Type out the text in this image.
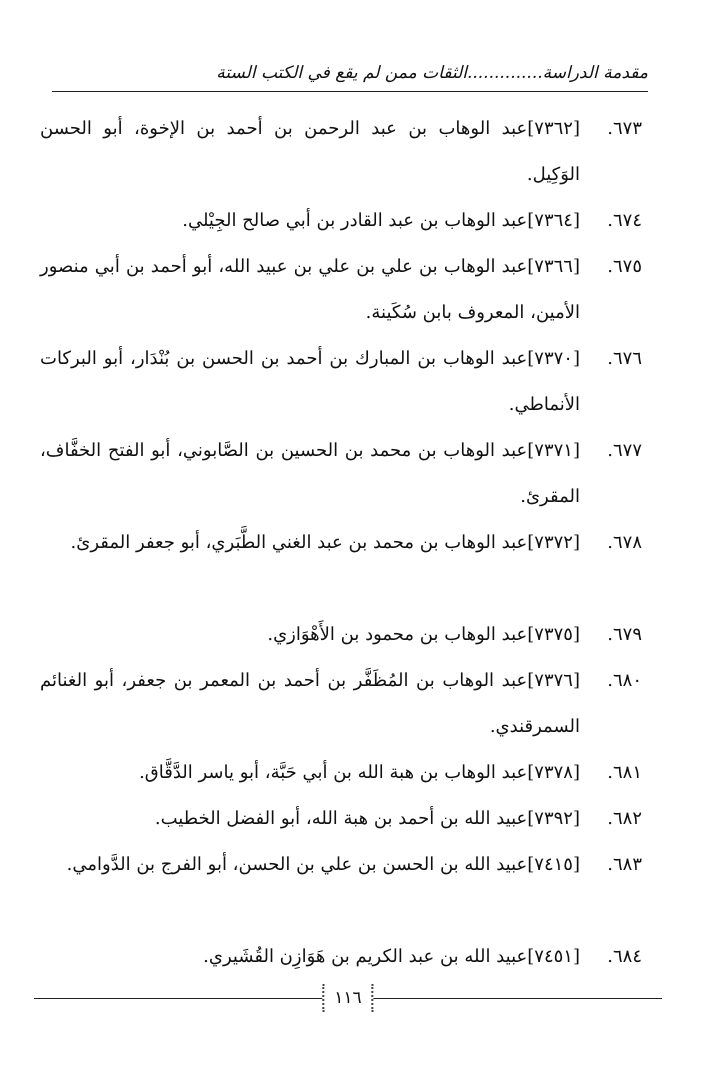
مقدمة الدراسة..............الثقات ممن لم يقع في الكتب الستة
٦٧٣.
[٧٣٦٢]عبد الوهاب بن عبد الرحمن بن أحمد بن الإخوة، أبو الحسن الوَكِيل.
٦٧٤.
[٧٣٦٤]عبد الوهاب بن عبد القادر بن أبي صالح الجِيْلي.
٦٧٥.
[٧٣٦٦]عبد الوهاب بن علي بن علي بن عبيد الله، أبو أحمد بن أبي منصور الأمين، المعروف بابن سُكَينة.
٦٧٦.
[٧٣٧٠]عبد الوهاب بن المبارك بن أحمد بن الحسن بن بُنْدَار، أبو البركات الأنماطي.
٦٧٧.
[٧٣٧١]عبد الوهاب بن محمد بن الحسين بن الصَّابوني، أبو الفتح الخفَّاف، المقرئ.
٦٧٨.
[٧٣٧٢]عبد الوهاب بن محمد بن عبد الغني الطَّبَري، أبو جعفر المقرئ.
٦٧٩.
[٧٣٧٥]عبد الوهاب بن محمود بن الأَهْوَازي.
٦٨٠.
[٧٣٧٦]عبد الوهاب بن المُظَفَّر بن أحمد بن المعمر بن جعفر، أبو الغنائم السمرقندي.
٦٨١.
[٧٣٧٨]عبد الوهاب بن هبة الله بن أبي حَبَّة، أبو ياسر الدَّقَّاق.
٦٨٢.
[٧٣٩٢]عبيد الله بن أحمد بن هبة الله، أبو الفضل الخطيب.
٦٨٣.
[٧٤١٥]عبيد الله بن الحسن بن علي بن الحسن، أبو الفرج بن الدَّوامي.
٦٨٤.
[٧٤٥١]عبيد الله بن عبد الكريم بن هَوَازِن القُشَيري.
١١٦
